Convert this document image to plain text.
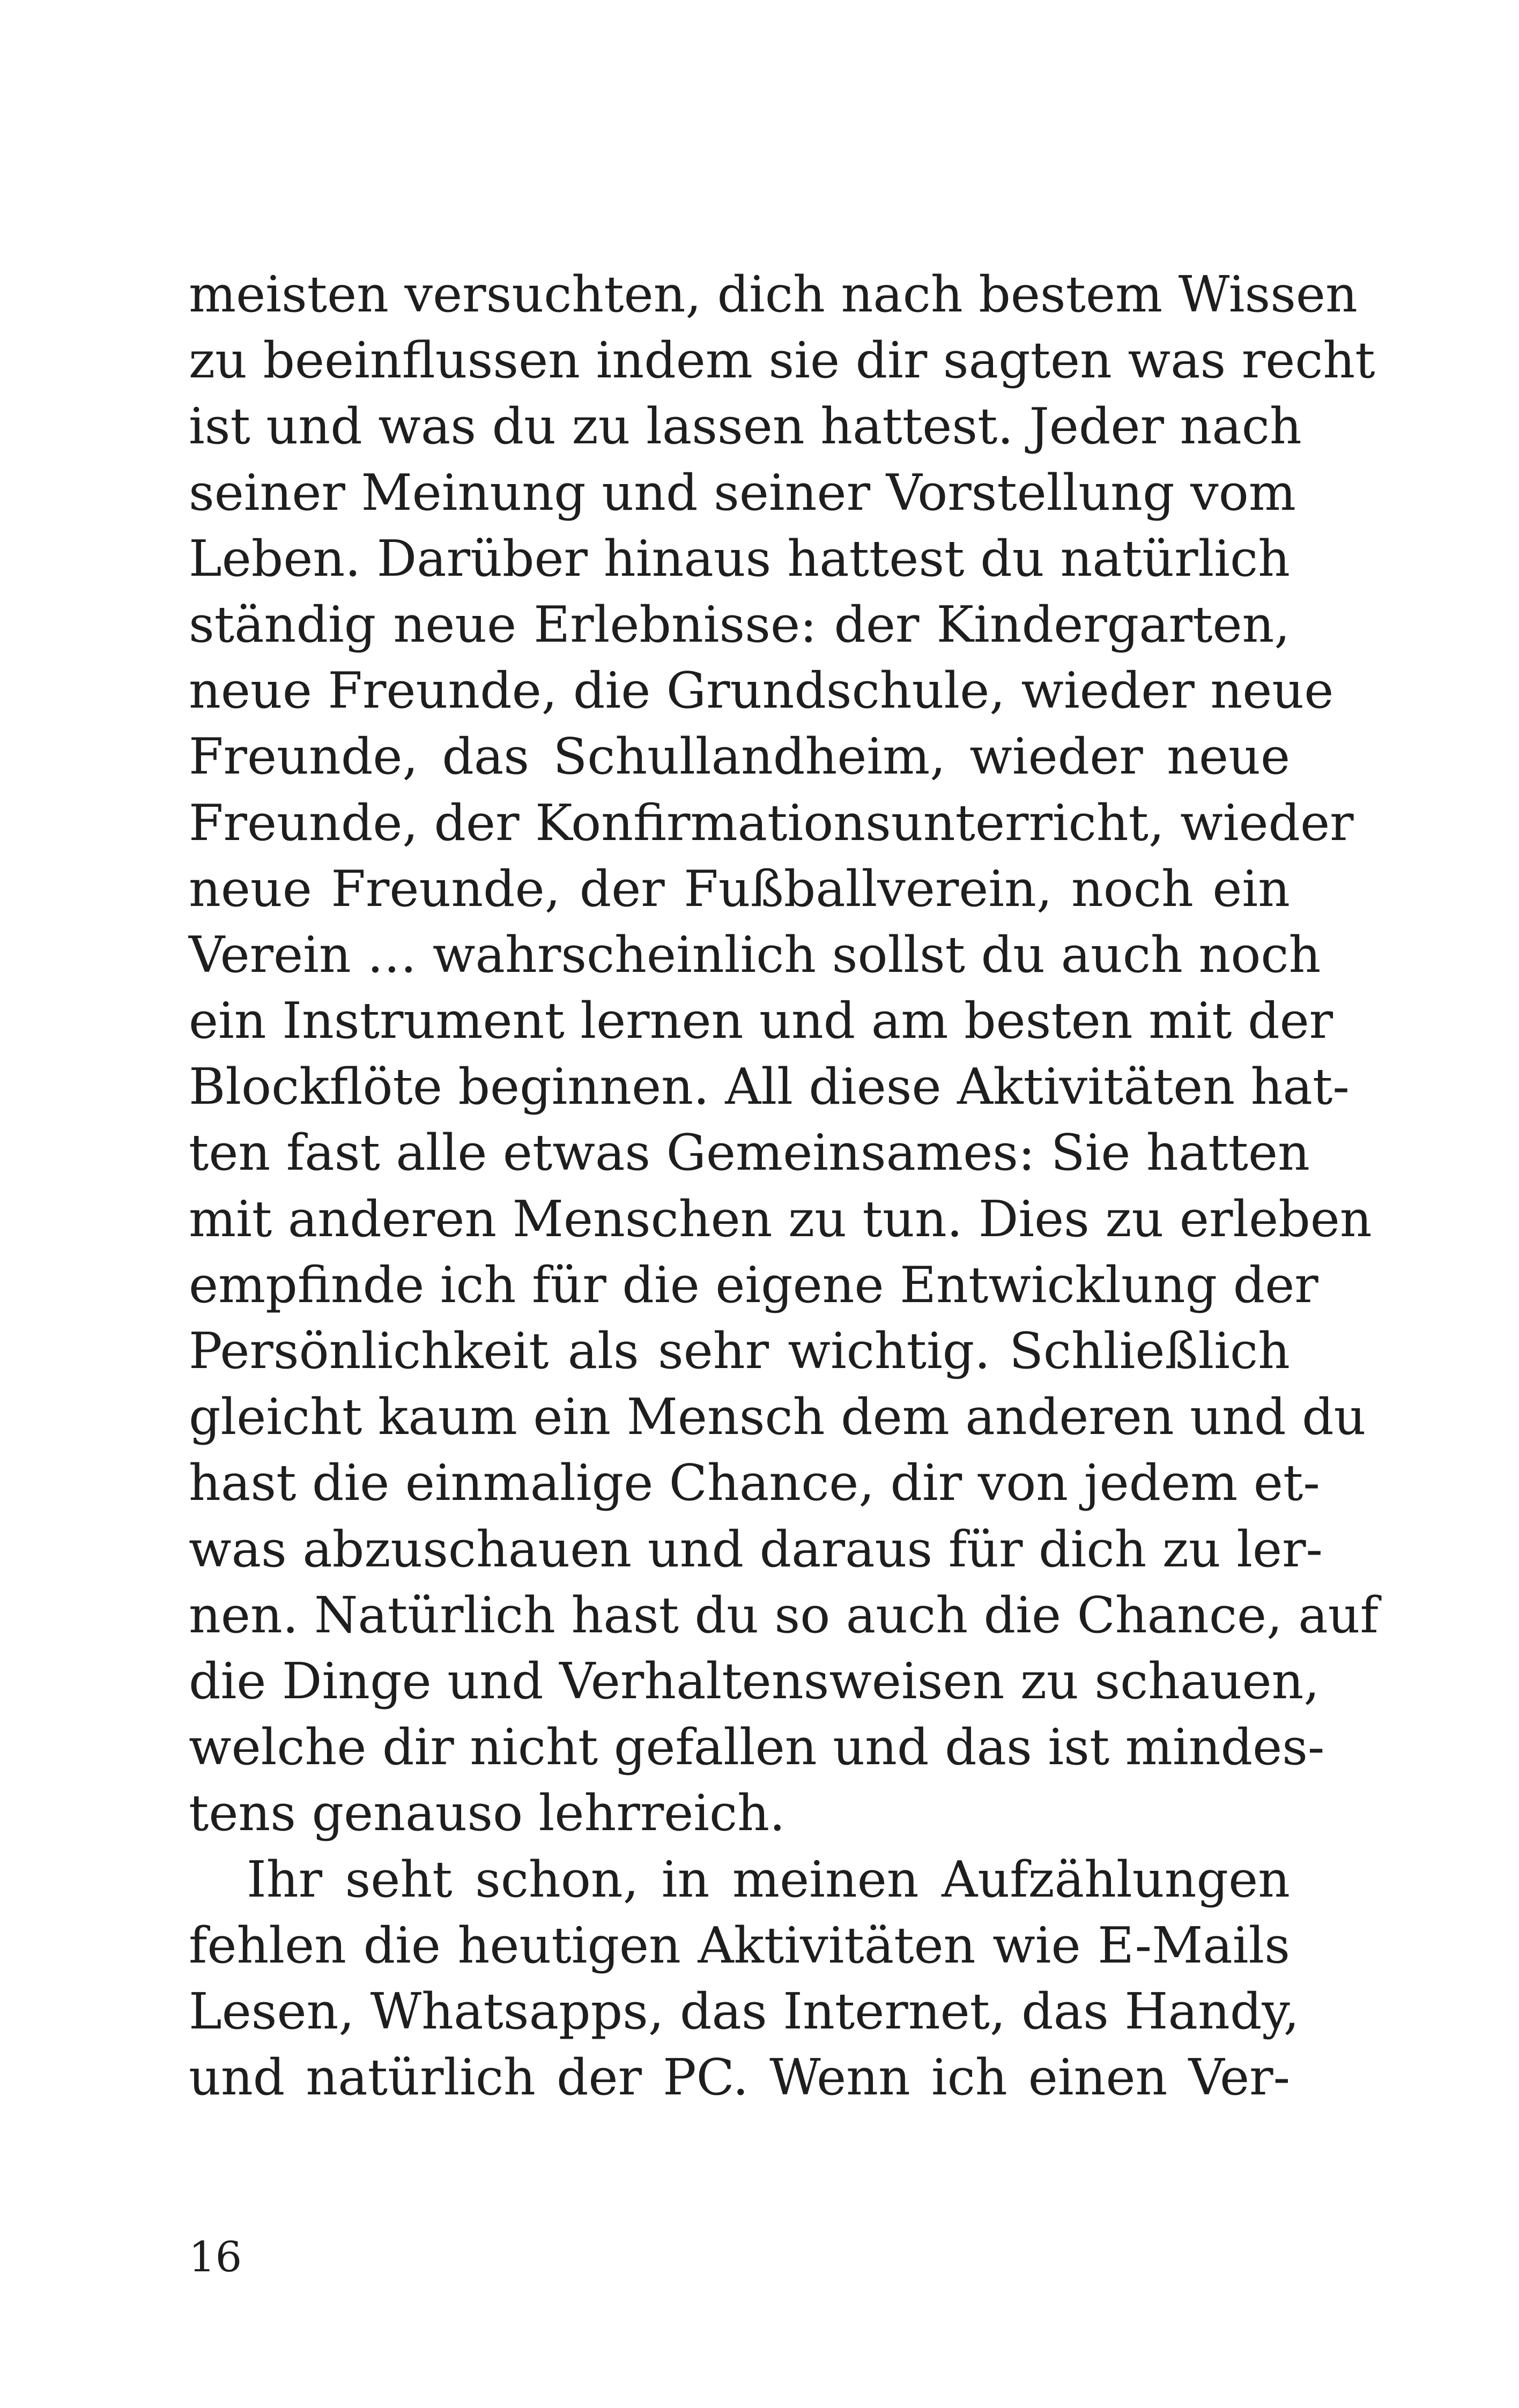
meisten versuchten, dich nach bestem Wissen
zu beeinflussen indem sie dir sagten was recht
ist und was du zu lassen hattest. Jeder nach
seiner Meinung und seiner Vorstellung vom
Leben. Darüber hinaus hattest du natürlich
ständig neue Erlebnisse: der Kindergarten,
neue Freunde, die Grundschule, wieder neue
Freunde, das Schullandheim, wieder neue
Freunde, der Konfirmationsunterricht, wieder
neue Freunde, der Fußballverein, noch ein
Verein … wahrscheinlich sollst du auch noch
ein Instrument lernen und am besten mit der
Blockflöte beginnen. All diese Aktivitäten hat-
ten fast alle etwas Gemeinsames: Sie hatten
mit anderen Menschen zu tun. Dies zu erleben
empfinde ich für die eigene Entwicklung der
Persönlichkeit als sehr wichtig. Schließlich
gleicht kaum ein Mensch dem anderen und du
hast die einmalige Chance, dir von jedem et-
was abzuschauen und daraus für dich zu ler-
nen. Natürlich hast du so auch die Chance, auf
die Dinge und Verhaltensweisen zu schauen,
welche dir nicht gefallen und das ist mindes-
tens genauso lehrreich.
Ihr seht schon, in meinen Aufzählungen
fehlen die heutigen Aktivitäten wie E-Mails
Lesen, Whatsapps, das Internet, das Handy,
und natürlich der PC. Wenn ich einen Ver-
16
